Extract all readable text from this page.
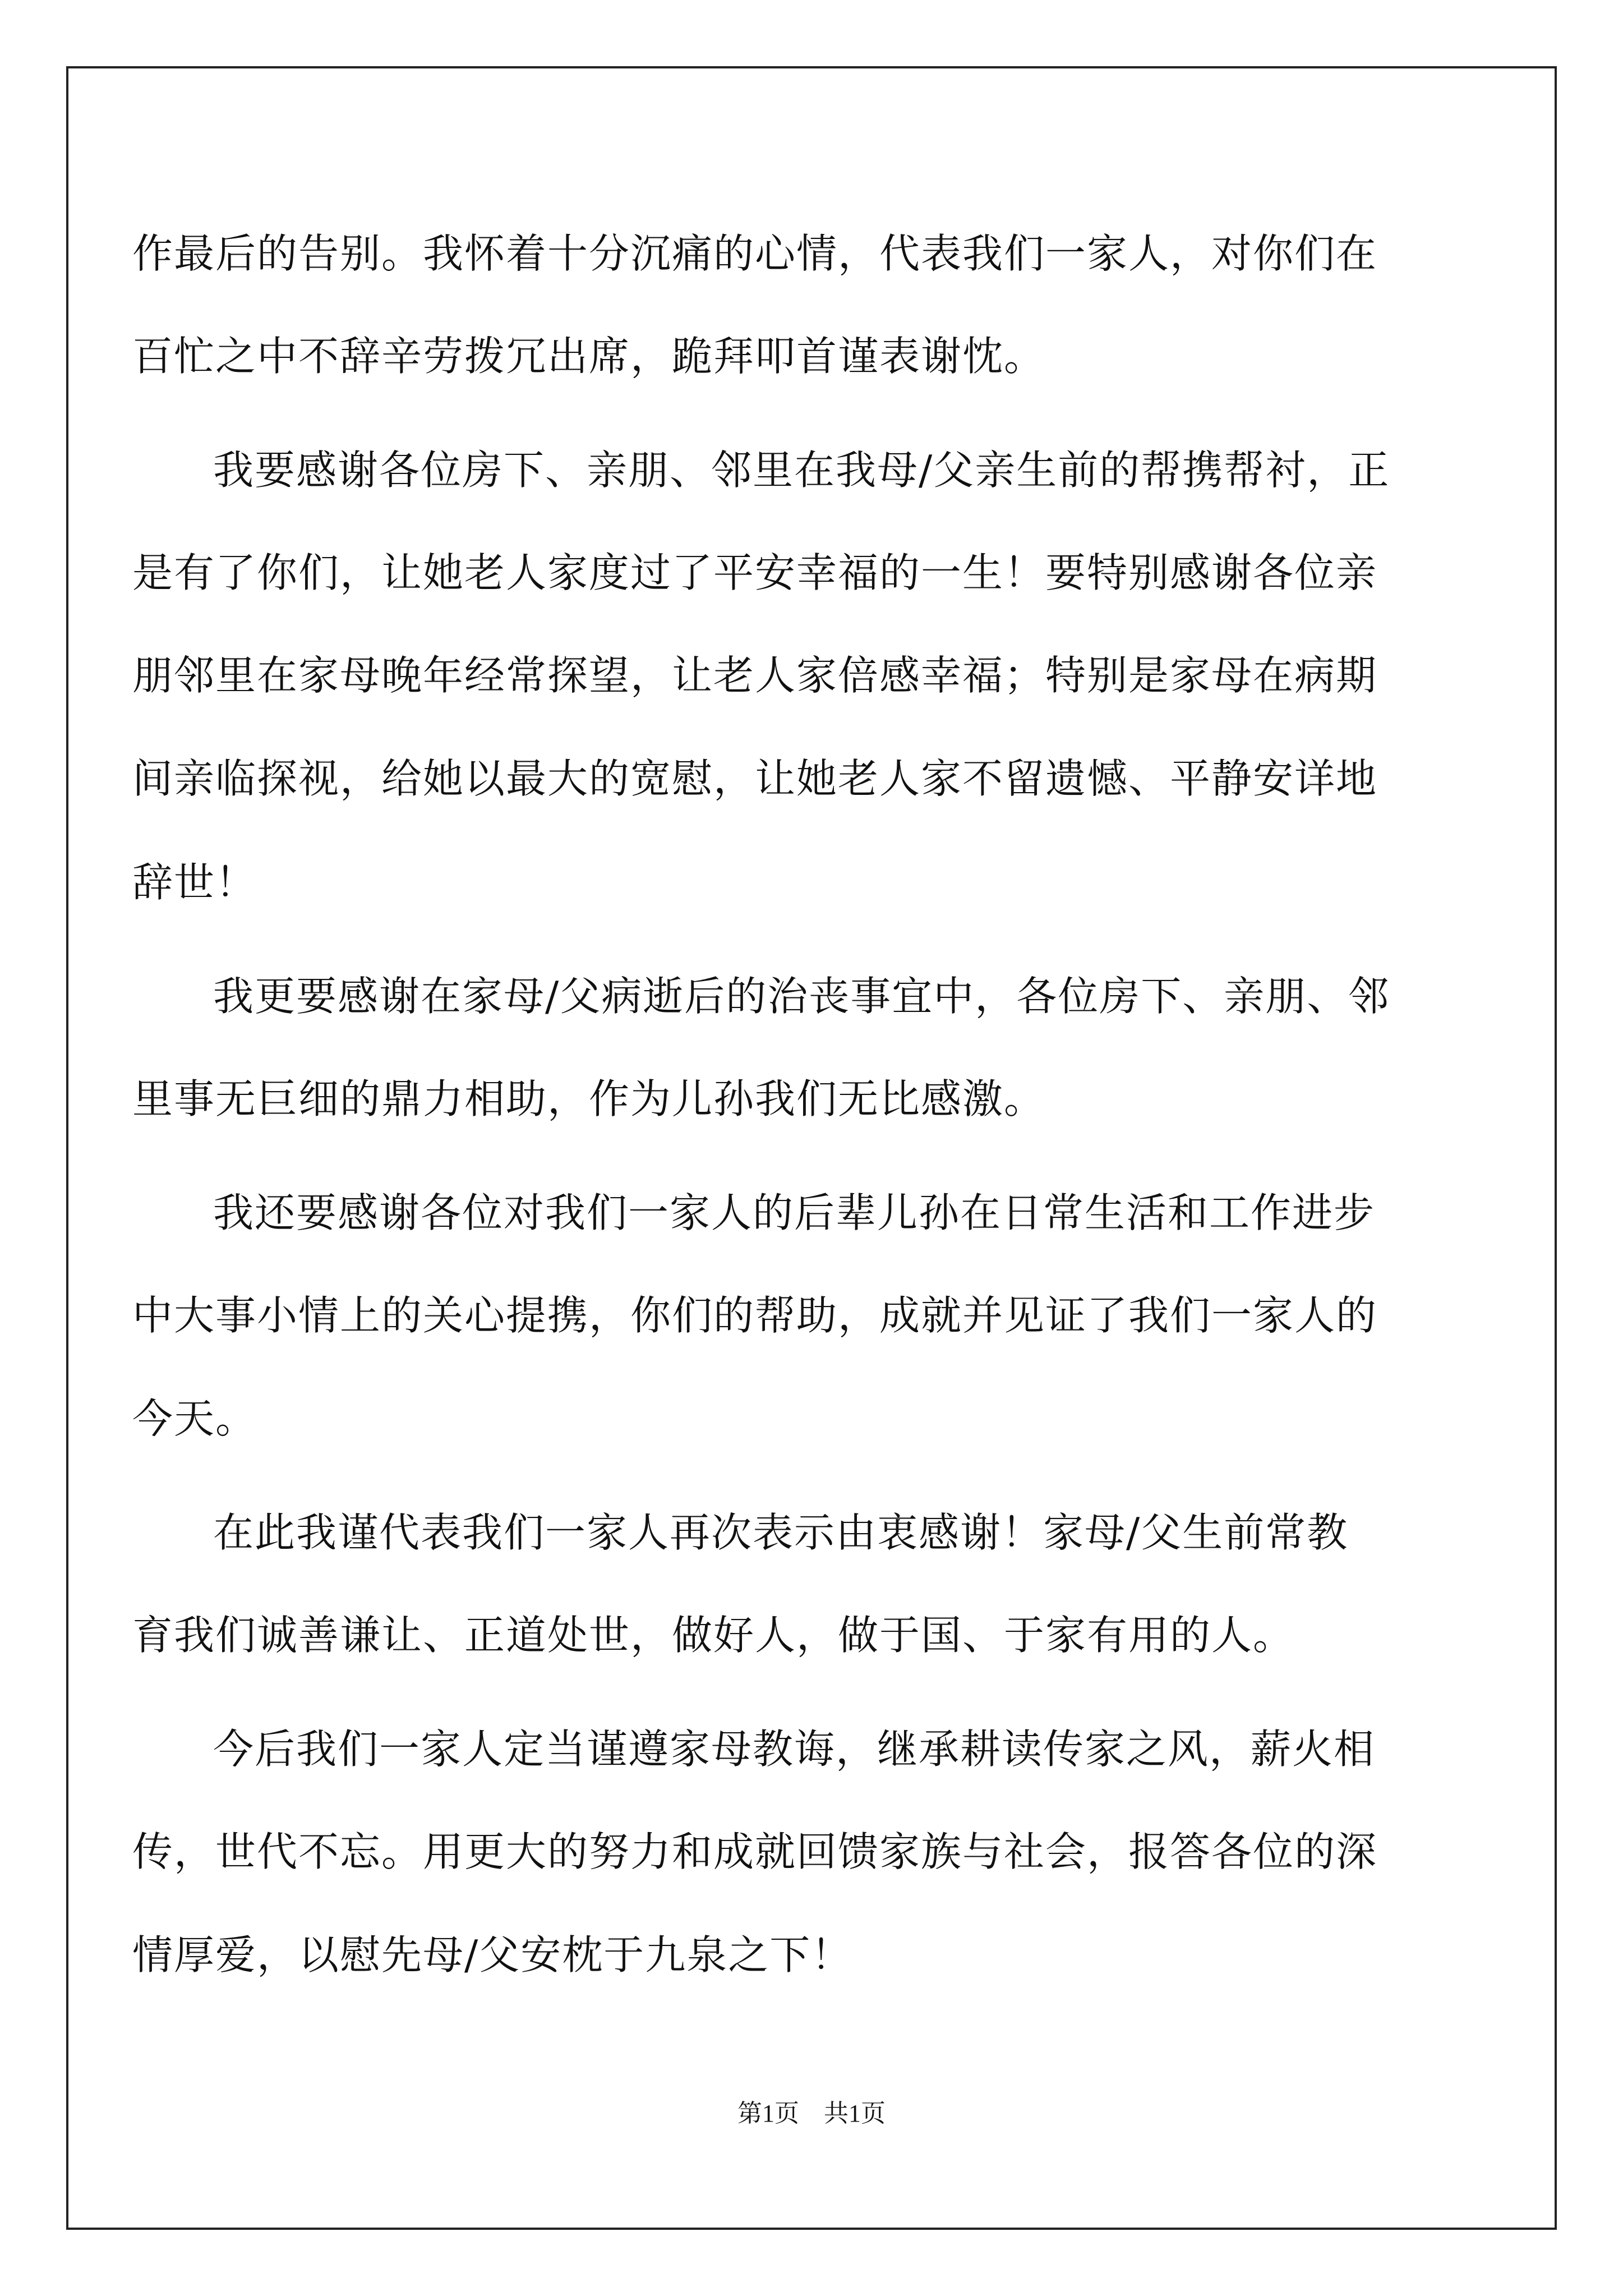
作最后的告别。我怀着十分沉痛的心情，代表我们一家人，对你们在
百忙之中不辞辛劳拨冗出席，跪拜叩首谨表谢忱。
我要感谢各位房下、亲朋、邻里在我母/父亲生前的帮携帮衬，正
是有了你们，让她老人家度过了平安幸福的一生！要特别感谢各位亲
朋邻里在家母晚年经常探望，让老人家倍感幸福；特别是家母在病期
间亲临探视，给她以最大的宽慰，让她老人家不留遗憾、平静安详地
辞世！
我更要感谢在家母/父病逝后的治丧事宜中，各位房下、亲朋、邻
里事无巨细的鼎力相助，作为儿孙我们无比感激。
我还要感谢各位对我们一家人的后辈儿孙在日常生活和工作进步
中大事小情上的关心提携，你们的帮助，成就并见证了我们一家人的
今天。
在此我谨代表我们一家人再次表示由衷感谢！家母/父生前常教
育我们诚善谦让、正道处世，做好人，做于国、于家有用的人。
今后我们一家人定当谨遵家母教诲，继承耕读传家之风，薪火相
传，世代不忘。用更大的努力和成就回馈家族与社会，报答各位的深
情厚爱，以慰先母/父安枕于九泉之下！
第1页　共1页
